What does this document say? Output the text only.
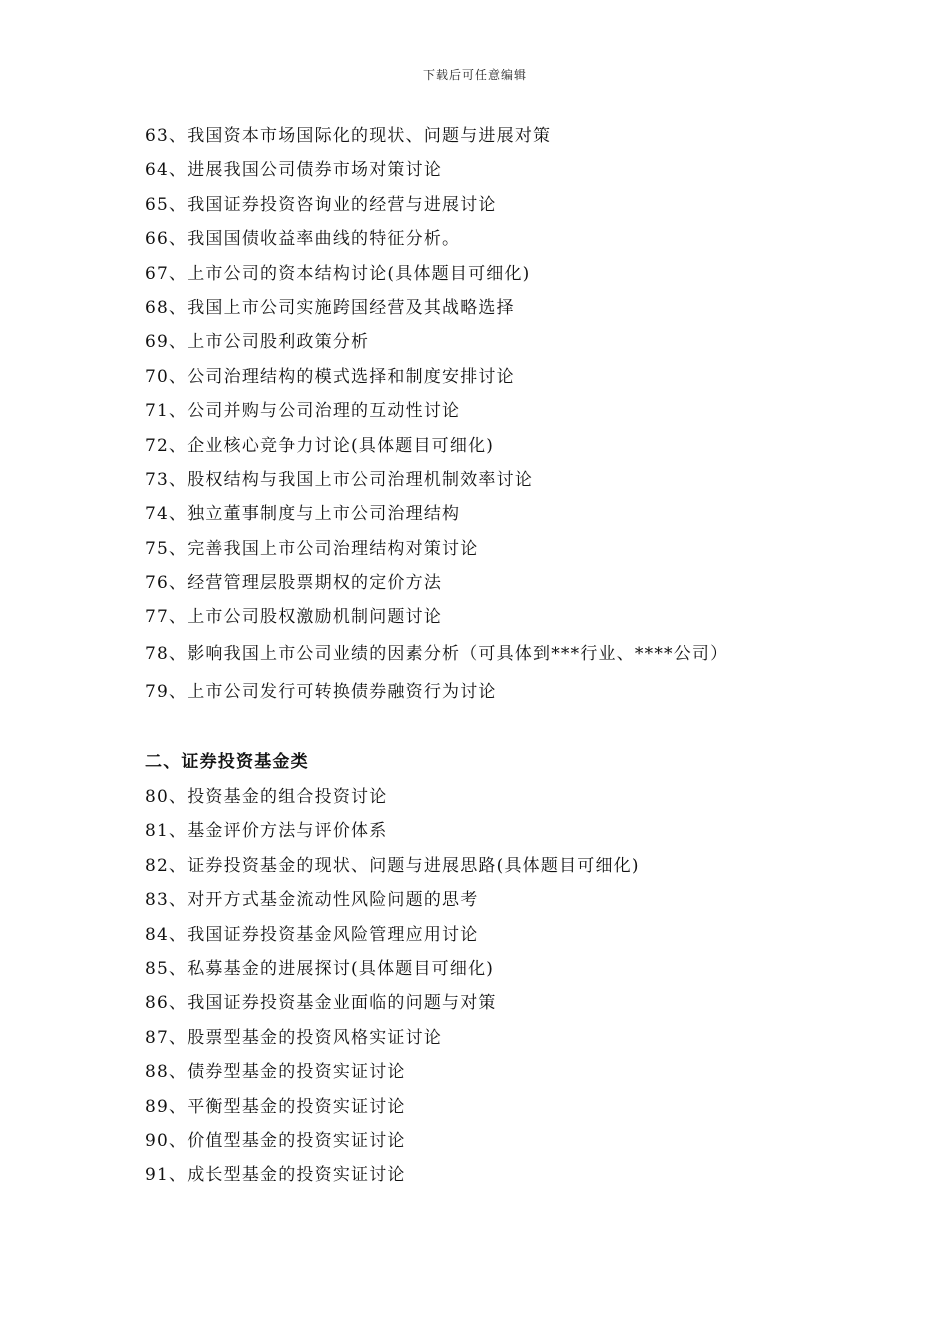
下载后可任意编辑
63、我国资本市场国际化的现状、问题与进展对策
64、进展我国公司债券市场对策讨论
65、我国证券投资咨询业的经营与进展讨论
66、我国国债收益率曲线的特征分析。
67、上市公司的资本结构讨论(具体题目可细化)
68、我国上市公司实施跨国经营及其战略选择
69、上市公司股利政策分析
70、公司治理结构的模式选择和制度安排讨论
71、公司并购与公司治理的互动性讨论
72、企业核心竞争力讨论(具体题目可细化)
73、股权结构与我国上市公司治理机制效率讨论
74、独立董事制度与上市公司治理结构
75、完善我国上市公司治理结构对策讨论
76、经营管理层股票期权的定价方法
77、上市公司股权激励机制问题讨论
78、影响我国上市公司业绩的因素分析（可具体到***行业、****公司）
79、上市公司发行可转换债券融资行为讨论
二、证券投资基金类
80、投资基金的组合投资讨论
81、基金评价方法与评价体系
82、证券投资基金的现状、问题与进展思路(具体题目可细化)
83、对开方式基金流动性风险问题的思考
84、我国证券投资基金风险管理应用讨论
85、私募基金的进展探讨(具体题目可细化)
86、我国证券投资基金业面临的问题与对策
87、股票型基金的投资风格实证讨论
88、债券型基金的投资实证讨论
89、平衡型基金的投资实证讨论
90、价值型基金的投资实证讨论
91、成长型基金的投资实证讨论
